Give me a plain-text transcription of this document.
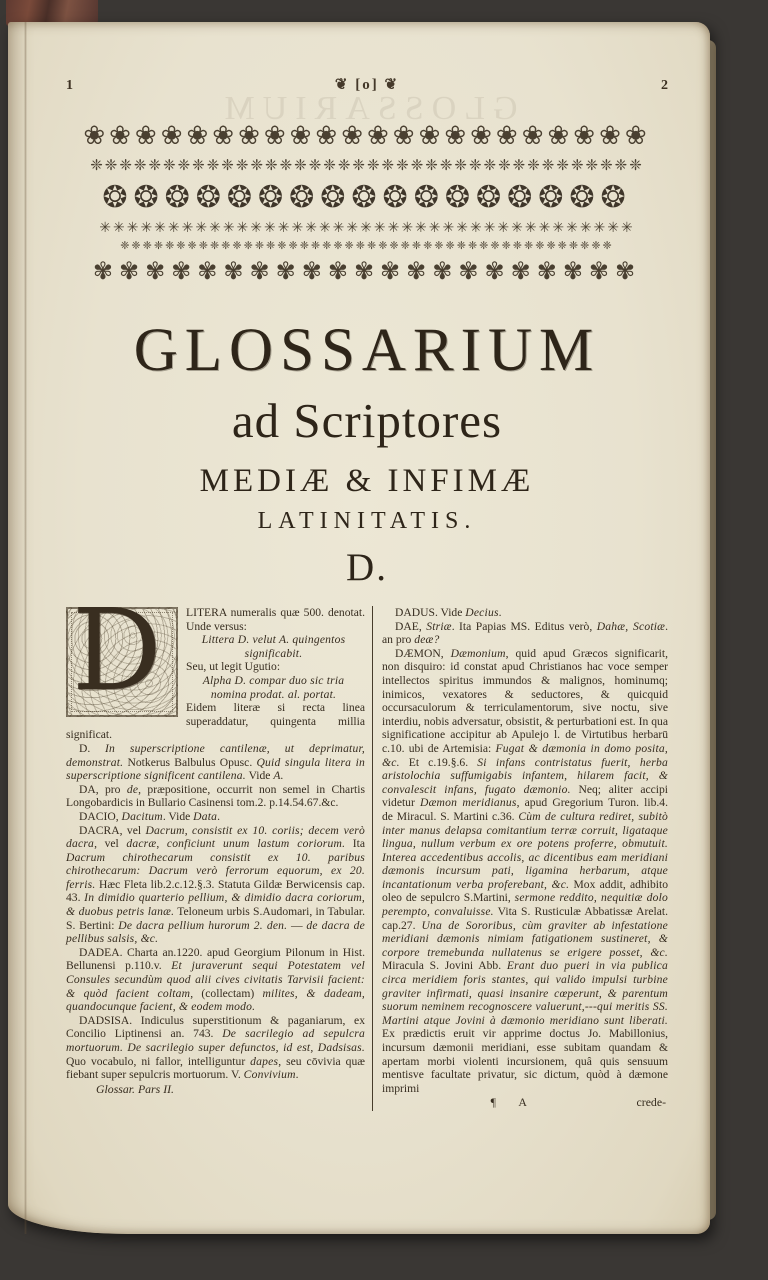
GLOSSARIUM
1	❦ [o] ❦	2
❀❀❀❀❀❀❀❀❀❀❀❀❀❀❀❀❀❀❀❀❀❀
❈❈❈❈❈❈❈❈❈❈❈❈❈❈❈❈❈❈❈❈❈❈❈❈❈❈❈❈❈❈❈❈❈❈❈❈❈❈
❂❂❂❂❂❂❂❂❂❂❂❂❂❂❂❂❂
✳✳✳✳✳✳✳✳✳✳✳✳✳✳✳✳✳✳✳✳✳✳✳✳✳✳✳✳✳✳✳✳✳✳✳✳✳✳✳
❈❈❈❈❈❈❈❈❈❈❈❈❈❈❈❈❈❈❈❈❈❈❈❈❈❈❈❈❈❈❈❈❈❈❈❈❈❈❈❈❈❈❈❈
✾✾✾✾✾✾✾✾✾✾✾✾✾✾✾✾✾✾✾✾✾
GLOSSARIUM
ad Scriptores
MEDIÆ & INFIMÆ
LATINITATIS.
D.
D	LITERA numeralis quæ 500. denotat. Unde versus:
Littera D. velut A. quingentos significabit.
Seu, ut legit Ugutio:
Alpha D. compar duo sic tria nomina prodat. al. portat.
Eidem literæ si recta linea superaddatur, quingenta millia significat.
D. In superscriptione cantilenæ, ut deprimatur, demonstrat. Notkerus Balbulus Opusc. Quid singula litera in superscriptione significent cantilena. Vide A.
DA, pro de, præpositione, occurrit non semel in Chartis Longobardicis in Bullario Casinensi tom.2. p.14.54.67.&c.
DACIO, Dacitum. Vide Data.
DACRA, vel Dacrum, consistit ex 10. coriis; decem verò dacra, vel dacræ, conficiunt unum lastum coriorum. Ita Dacrum chirothecarum consistit ex 10. paribus chirothecarum: Dacrum verò ferrorum equorum, ex 20. ferris. Hæc Fleta lib.2.c.12.§.3. Statuta Gildæ Berwicensis cap. 43. In dimidio quarterio pellium, & dimidio dacra coriorum, & duobus petris lanæ. Teloneum urbis S.Audomari, in Tabular. S. Bertini: De dacra pellium hurorum 2. den. — de dacra de pellibus salsis, &c.
DADEA. Charta an.1220. apud Georgium Pilonum in Hist. Bellunensi p.110.v. Et juraverunt sequi Potestatem vel Consules secundùm quod alii cives civitatis Tarvisii facient: & quòd facient coltam, (collectam) milites, & dadeam, quandocunque facient, & eodem modo.
DADSISA. Indiculus superstitionum & paganiarum, ex Concilio Liptinensi an. 743. De sacrilegio ad sepulcra mortuorum. De sacrilegio super defunctos, id est, Dadsisas. Quo vocabulo, ni fallor, intelliguntur dapes, seu cōvivia quæ fiebant super sepulcris mortuorum. V. Convivium.
Glossar. Pars II.
DADUS. Vide Decius.
DAE, Striæ. Ita Papias MS. Editus verò, Dahæ, Scotiæ. an pro deæ?
DÆMON, Dæmonium, quid apud Græcos significarit, non disquiro: id constat apud Christianos hac voce semper intellectos spiritus immundos & malignos, hominumq; inimicos, vexatores & seductores, & quicquid occursaculorum & terriculamentorum, sive noctu, sive interdiu, nobis adversatur, obsistit, & perturbationi est. In qua significatione accipitur ab Apulejo l. de Virtutibus herbarū c.10. ubi de Artemisia: Fugat & dæmonia in domo posita, &c. Et c.19.§.6. Si infans contristatus fuerit, herba aristolochia suffumigabis infantem, hilarem facit, & convalescit infans, fugato dæmonio. Neq; aliter accipi videtur Dæmon meridianus, apud Gregorium Turon. lib.4. de Miracul. S. Martini c.36. Cùm de cultura rediret, subitò inter manus delapsa comitantium terræ corruit, ligataque lingua, nullum verbum ex ore potens proferre, obmutuit. Interea accedentibus accolis, ac dicentibus eam meridiani dæmonis incursum pati, ligamina herbarum, atque incantationum verba proferebant, &c. Mox addit, adhibito oleo de sepulcro S.Martini, sermone reddito, nequitiæ dolo perempto, convaluisse. Vita S. Rusticulæ Abbatissæ Arelat. cap.27. Una de Sororibus, cùm graviter ab infestatione meridiani dæmonis nimiam fatigationem sustineret, & corpore tremebunda nullatenus se erigere posset, &c. Miracula S. Jovini Abb. Erant duo pueri in via publica circa meridiem foris stantes, qui valido impulsi turbine graviter infirmati, quasi insanire cœperunt, & parentum suorum neminem recognoscere valuerunt,---qui meritis SS. Martini atque Jovini à dæmonio meridiano sunt liberati. Ex prædictis eruit vir apprime doctus Jo. Mabillonius, incursum dæmonii meridiani, esse subitam quandam & apertam morbi violenti incursionem, quâ quis sensuum mentisve facultate privatur, sic dictum, quòd à dæmone imprimi
¶ A	crede-
